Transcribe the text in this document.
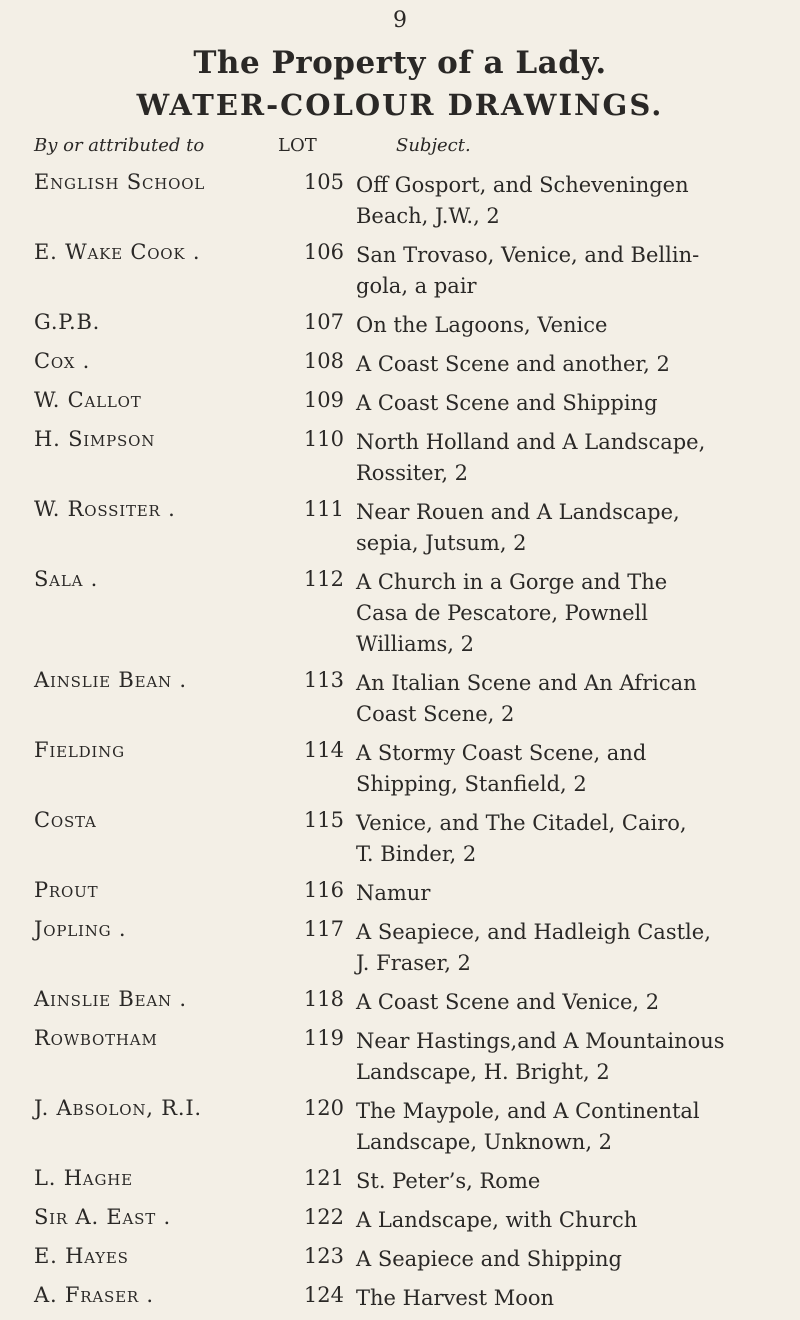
9
The Property of a Lady.
WATER-COLOUR DRAWINGS.
By or attributed to	LOT	Subject.
English School	105 Off Gosport, and Scheveningen
Beach, J.W., 2
E. Wake Cook .	106 San Trovaso, Venice, and Bellin-
gola, a pair
G.P.B.	107 On the Lagoons, Venice
Cox .	108 A Coast Scene and another, 2
W. Callot	109 A Coast Scene and Shipping
H. Simpson	110 North Holland and A Landscape,
Rossiter, 2
W. Rossiter .	111 Near Rouen and A Landscape,
sepia, Jutsum, 2
Sala .	112 A Church in a Gorge and The
Casa de Pescatore, Pownell
Williams, 2
Ainslie Bean .	113 An Italian Scene and An African
Coast Scene, 2
Fielding	114 A Stormy Coast Scene, and
Shipping, Stanfield, 2
Costa	115 Venice, and The Citadel, Cairo,
T. Binder, 2
Prout	116 Namur
Jopling .	117 A Seapiece, and Hadleigh Castle,
J. Fraser, 2
Ainslie Bean .	118 A Coast Scene and Venice, 2
Rowbotham	119 Near Hastings,and A Mountainous
Landscape, H. Bright, 2
J. Absolon, R.I.	120 The Maypole, and A Continental
Landscape, Unknown, 2
L. Haghe	121 St. Peter’s, Rome
Sir A. East .	122 A Landscape, with Church
E. Hayes	123 A Seapiece and Shipping
A. Fraser .	124 The Harvest Moon
